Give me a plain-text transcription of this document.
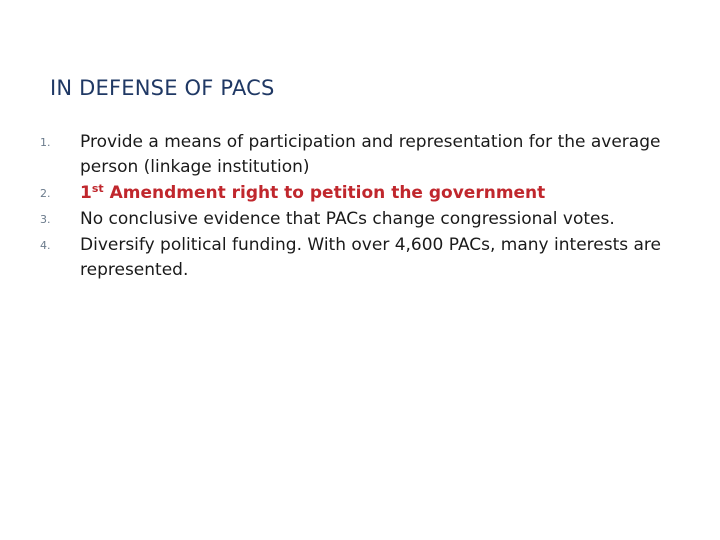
IN DEFENSE OF PACS
1. Provide a means of participation and representation for the average person (linkage institution)
2. 1st Amendment right to petition the government
3. No conclusive evidence that PACs change congressional votes.
4. Diversify political funding. With over 4,600 PACs, many interests are represented.
